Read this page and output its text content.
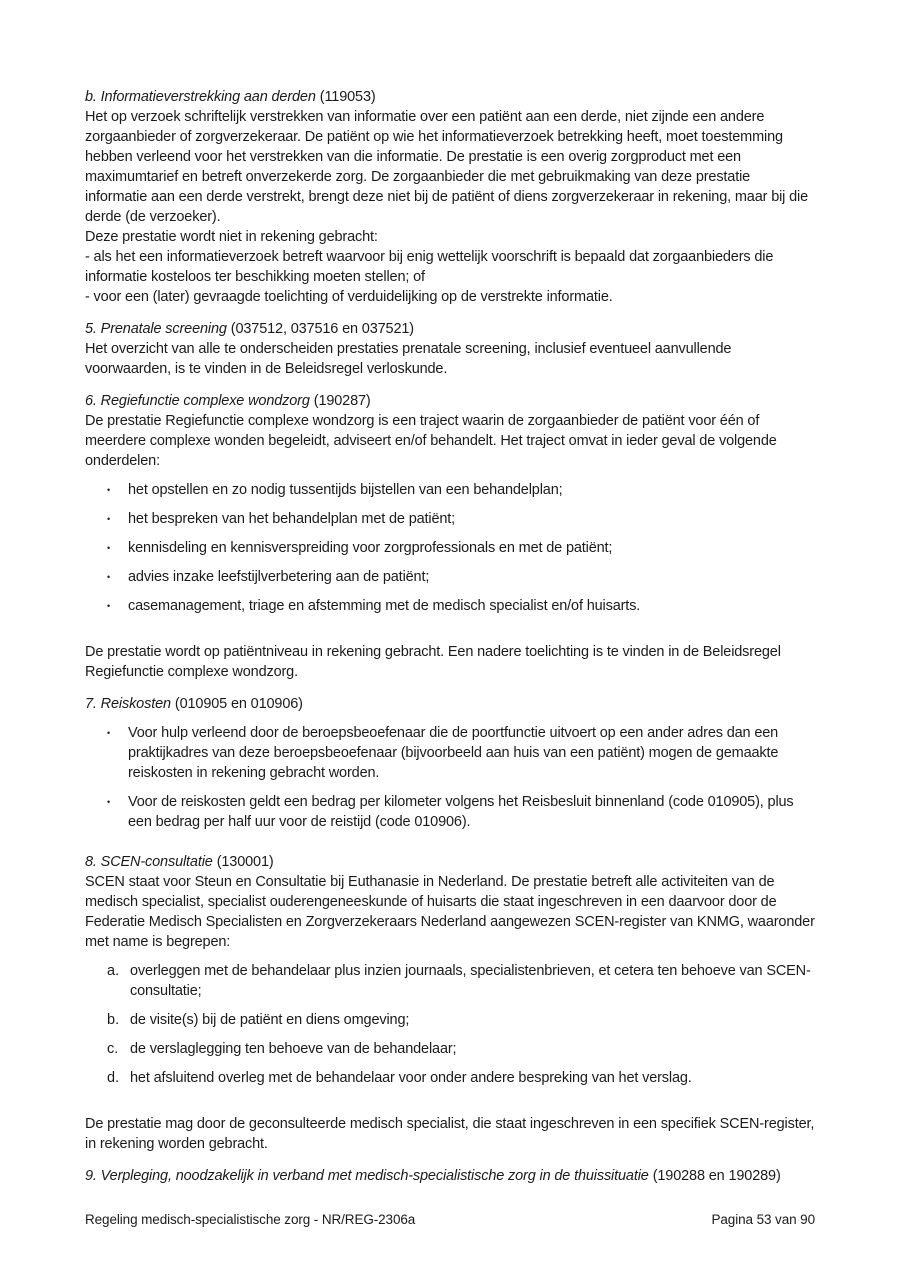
b. Informatieverstrekking aan derden (119053)

Het op verzoek schriftelijk verstrekken van informatie over een patiënt aan een derde, niet zijnde een andere zorgaanbieder of zorgverzekeraar. De patiënt op wie het informatieverzoek betrekking heeft, moet toestemming hebben verleend voor het verstrekken van die informatie. De prestatie is een overig zorgproduct met een maximumtarief en betreft onverzekerde zorg. De zorgaanbieder die met gebruikmaking van deze prestatie informatie aan een derde verstrekt, brengt deze niet bij de patiënt of diens zorgverzekeraar in rekening, maar bij die derde (de verzoeker).

Deze prestatie wordt niet in rekening gebracht:

- als het een informatieverzoek betreft waarvoor bij enig wettelijk voorschrift is bepaald dat zorgaanbieders die informatie kosteloos ter beschikking moeten stellen; of

- voor een (later) gevraagde toelichting of verduidelijking op de verstrekte informatie.

5. Prenatale screening (037512, 037516 en 037521)

Het overzicht van alle te onderscheiden prestaties prenatale screening, inclusief eventueel aanvullende voorwaarden, is te vinden in de Beleidsregel verloskunde.

6. Regiefunctie complexe wondzorg (190287)

De prestatie Regiefunctie complexe wondzorg is een traject waarin de zorgaanbieder de patiënt voor één of meerdere complexe wonden begeleidt, adviseert en/of behandelt. Het traject omvat in ieder geval de volgende onderdelen:

•	het opstellen en zo nodig tussentijds bijstellen van een behandelplan;
•	het bespreken van het behandelplan met de patiënt;
•	kennisdeling en kennisverspreiding voor zorgprofessionals en met de patiënt;
•	advies inzake leefstijlverbetering aan de patiënt;
•	casemanagement, triage en afstemming met de medisch specialist en/of huisarts.

De prestatie wordt op patiëntniveau in rekening gebracht. Een nadere toelichting is te vinden in de Beleidsregel Regiefunctie complexe wondzorg.

7. Reiskosten (010905 en 010906)
•	Voor hulp verleend door de beroepsbeoefenaar die de poortfunctie uitvoert op een ander adres dan een praktijkadres van deze beroepsbeoefenaar (bijvoorbeeld aan huis van een patiënt) mogen de gemaakte reiskosten in rekening gebracht worden.
•	Voor de reiskosten geldt een bedrag per kilometer volgens het Reisbesluit binnenland (code 010905), plus een bedrag per half uur voor de reistijd (code 010906).
8. SCEN-consultatie (130001)

SCEN staat voor Steun en Consultatie bij Euthanasie in Nederland. De prestatie betreft alle activiteiten van de medisch specialist, specialist ouderengeneeskunde of huisarts die staat ingeschreven in een daarvoor door de Federatie Medisch Specialisten en Zorgverzekeraars Nederland aangewezen SCEN-register van KNMG, waaronder met name is begrepen:

a. overleggen met de behandelaar plus inzien journaals, specialistenbrieven, et cetera ten behoeve van SCEN-consultatie;
b. de visite(s) bij de patiënt en diens omgeving;
c. de verslaglegging ten behoeve van de behandelaar;
d. het afsluitend overleg met de behandelaar voor onder andere bespreking van het verslag.

De prestatie mag door de geconsulteerde medisch specialist, die staat ingeschreven in een specifiek SCEN-register, in rekening worden gebracht.

9. Verpleging, noodzakelijk in verband met medisch-specialistische zorg in de thuissituatie (190288 en 190289)
Regeling medisch-specialistische zorg - NR/REG-2306a	Pagina 53 van 90
